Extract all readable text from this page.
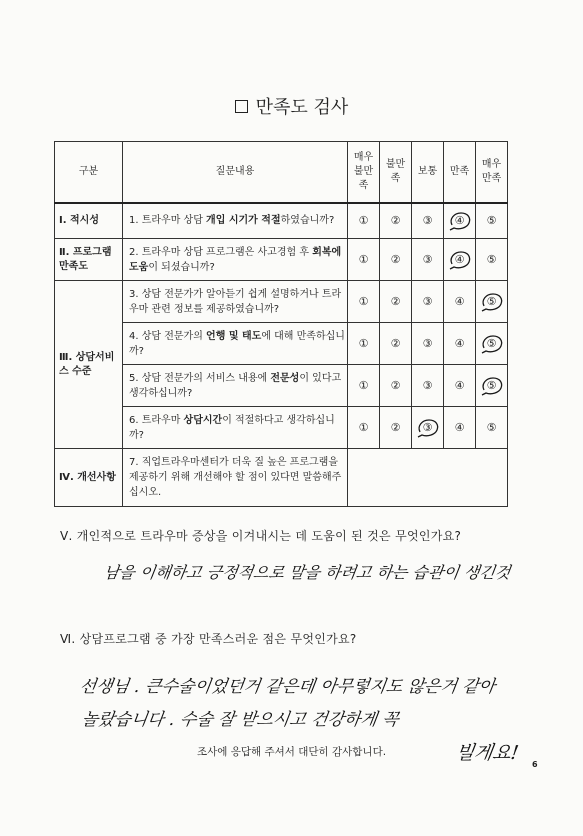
만족도 검사
구분	질문내용	매우 불만족	불만족	보통	만족	매우 만족
Ⅰ. 적시성	1. 트라우마 상담 개입 시기가 적절하였습니까?	①	②	③	④	⑤
Ⅱ. 프로그램 만족도	2. 트라우마 상담 프로그램은 사고경험 후 회복에 도움이 되셨습니까?	①	②	③	④	⑤
Ⅲ. 상담서비스 수준	3. 상담 전문가가 알아듣기 쉽게 설명하거나 트라우마 관련 정보를 제공하였습니까?	①	②	③	④	⑤

	4. 상담 전문가의 언행 및 태도에 대해 만족하십니까?	①	②	③	④	⑤

	5. 상담 전문가의 서비스 내용에 전문성이 있다고 생각하십니까?	①	②	③	④	⑤

	6. 트라우마 상담시간이 적절하다고 생각하십니까?	①	②	③	④	⑤
Ⅳ. 개선사항	7. 직업트라우마센터가 더욱 질 높은 프로그램을 제공하기 위해 개선해야 할 점이 있다면 말씀해주십시오.					
Ⅴ. 개인적으로 트라우마 증상을 이겨내시는 데 도움이 된 것은 무엇인가요?
남을 이해하고 긍정적으로 말을 하려고 하는 습관이 생긴것
Ⅵ. 상담프로그램 중 가장 만족스러운 점은 무엇인가요?
선생님 . 큰수술이었던거 같은데 아무렇지도 않은거 같아
놀랐습니다 . 수술 잘 받으시고 건강하게 꼭
빌게요!
조사에 응답해 주셔서 대단히 감사합니다.
6
